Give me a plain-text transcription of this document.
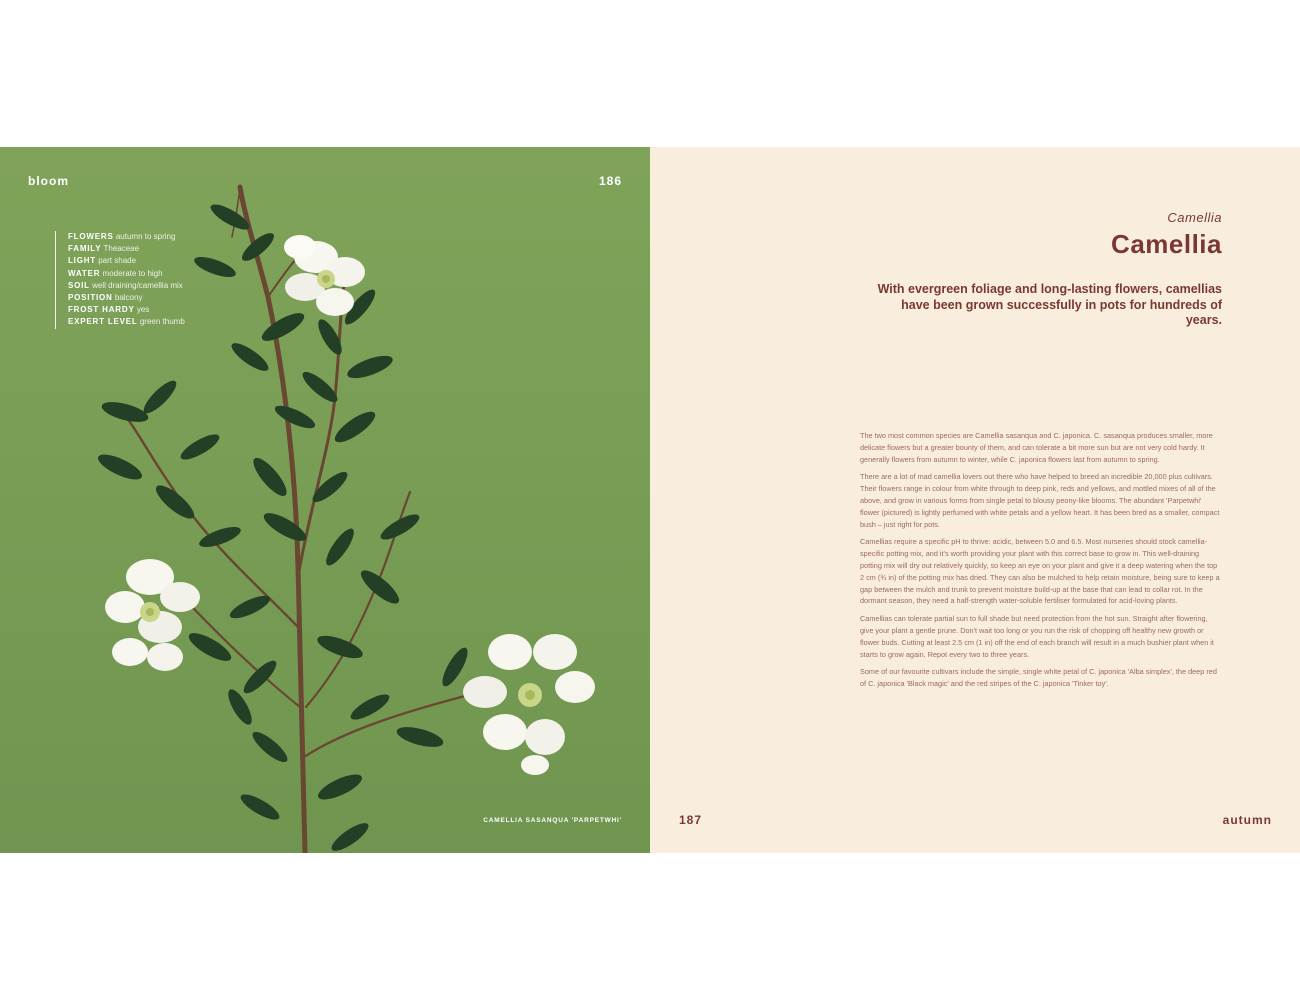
bloom	186
FLOWERS autumn to spring
FAMILY Theaceae
LIGHT part shade
WATER moderate to high
SOIL well draining/camellia mix
POSITION balcony
FROST HARDY yes
EXPERT LEVEL green thumb
CAMELLIA SASANQUA 'PARPETWHI'
Camellia
Camellia
With evergreen foliage and long-lasting flowers, camellias have been grown successfully in pots for hundreds of years.

The two most common species are Camellia sasanqua and C. japonica. C. sasanqua produces smaller, more delicate flowers but a greater bounty of them, and can tolerate a bit more sun but are not very cold hardy. It generally flowers from autumn to winter, while C. japonica flowers last from autumn to spring.

There are a lot of mad camellia lovers out there who have helped to breed an incredible 20,000 plus cultivars. Their flowers range in colour from white through to deep pink, reds and yellows, and mottled mixes of all of the above, and grow in various forms from single petal to blousy peony-like blooms. The abundant 'Parpetwhi' flower (pictured) is lightly perfumed with white petals and a yellow heart. It has been bred as a smaller, compact bush – just right for pots.

Camellias require a specific pH to thrive: acidic, between 5.0 and 6.5. Most nurseries should stock camellia-specific potting mix, and it's worth providing your plant with this correct base to grow in. This well-draining potting mix will dry out relatively quickly, so keep an eye on your plant and give it a deep watering when the top 2 cm (¾ in) of the potting mix has dried. They can also be mulched to help retain moisture, being sure to keep a gap between the mulch and trunk to prevent moisture build-up at the base that can lead to collar rot. In the dormant season, they need a half-strength water-soluble fertiliser formulated for acid-loving plants.

Camellias can tolerate partial sun to full shade but need protection from the hot sun. Straight after flowering, give your plant a gentle prune. Don't wait too long or you run the risk of chopping off healthy new growth or flower buds. Cutting at least 2.5 cm (1 in) off the end of each branch will result in a much bushier plant when it starts to grow again. Repot every two to three years.

Some of our favourite cultivars include the simple, single white petal of C. japonica 'Alba simplex', the deep red of C. japonica 'Black magic' and the red stripes of the C. japonica 'Tinker toy'.

187	autumn
